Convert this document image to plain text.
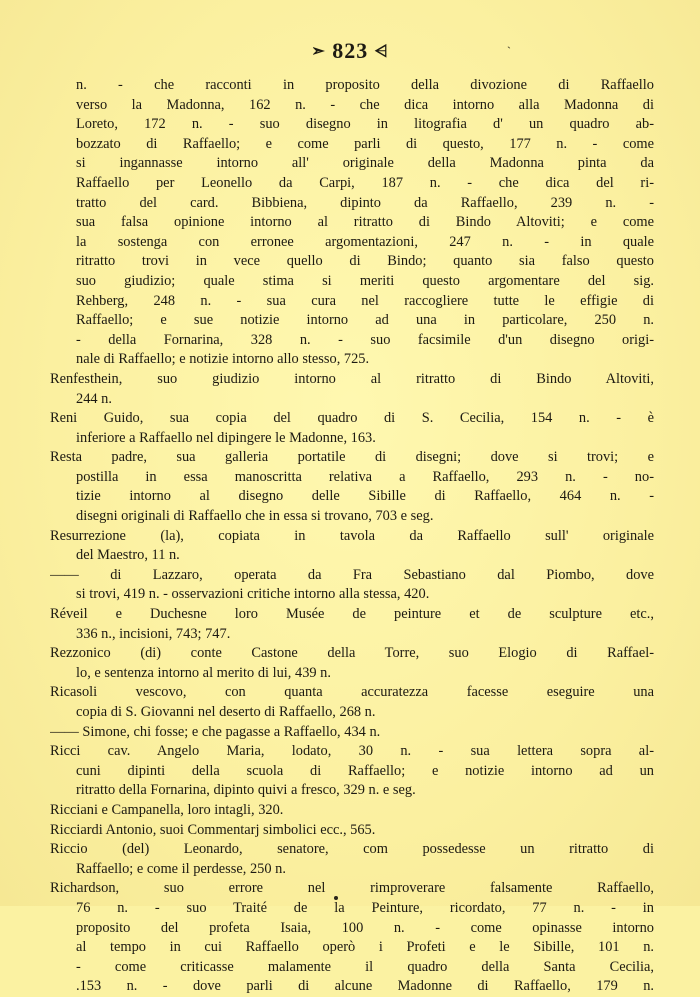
➣ 823 ⩤	ˋ
n. - che racconti in proposito della divozione di Raffaello
verso la Madonna, 162 n. - che dica intorno alla Madonna di
Loreto, 172 n. - suo disegno in litografia d' un quadro ab-
bozzato di Raffaello; e come parli di questo, 177 n. - come
si ingannasse intorno all' originale della Madonna pinta da
Raffaello per Leonello da Carpi, 187 n. - che dica del ri-
tratto del card. Bibbiena, dipinto da Raffaello, 239 n. -
sua falsa opinione intorno al ritratto di Bindo Altoviti; e come
la sostenga con erronee argomentazioni, 247 n. - in quale
ritratto trovi in vece quello di Bindo; quanto sia falso questo
suo giudizio; quale stima si meriti questo argomentare del sig.
Rehberg, 248 n. - sua cura nel raccogliere tutte le effigie di
Raffaello; e sue notizie intorno ad una in particolare, 250 n.
- della Fornarina, 328 n. - suo facsimile d'un disegno origi-
nale di Raffaello; e notizie intorno allo stesso, 725.
Renfesthein, suo giudizio intorno al ritratto di Bindo Altoviti,
244 n.
Reni Guido, sua copia del quadro di S. Cecilia, 154 n. - è
inferiore a Raffaello nel dipingere le Madonne, 163.
Resta padre, sua galleria portatile di disegni; dove si trovi; e
postilla in essa manoscritta relativa a Raffaello, 293 n. - no-
tizie intorno al disegno delle Sibille di Raffaello, 464 n. -
disegni originali di Raffaello che in essa si trovano, 703 e seg.
Resurrezione (la), copiata in tavola da Raffaello sull' originale
del Maestro, 11 n.
—— di Lazzaro, operata da Fra Sebastiano dal Piombo, dove
si trovi, 419 n. - osservazioni critiche intorno alla stessa, 420.
Réveil e Duchesne loro Musée de peinture et de sculpture etc.,
336 n., incisioni, 743; 747.
Rezzonico (di) conte Castone della Torre, suo Elogio di Raffael-
lo, e sentenza intorno al merito di lui, 439 n.
Ricasoli vescovo, con quanta accuratezza facesse eseguire una
copia di S. Giovanni nel deserto di Raffaello, 268 n.
—— Simone, chi fosse; e che pagasse a Raffaello, 434 n.
Ricci cav. Angelo Maria, lodato, 30 n. - sua lettera sopra al-
cuni dipinti della scuola di Raffaello; e notizie intorno ad un
ritratto della Fornarina, dipinto quivi a fresco, 329 n. e seg.
Ricciani e Campanella, loro intagli, 320.
Ricciardi Antonio, suoi Commentarj simbolici ecc., 565.
Riccio (del) Leonardo, senatore, com possedesse un ritratto di
Raffaello; e come il perdesse, 250 n.
Richardson, suo errore nel rimproverare falsamente Raffaello,
76 n. - suo Traité de la Peinture, ricordato, 77 n. - in
proposito del profeta Isaia, 100 n. - come opinasse intorno
al tempo in cui Raffaello operò i Profeti e le Sibille, 101 n.
- come criticasse malamente il quadro della Santa Cecilia,
.153 n. - dove parli di alcune Madonne di Raffaello, 179 n.
